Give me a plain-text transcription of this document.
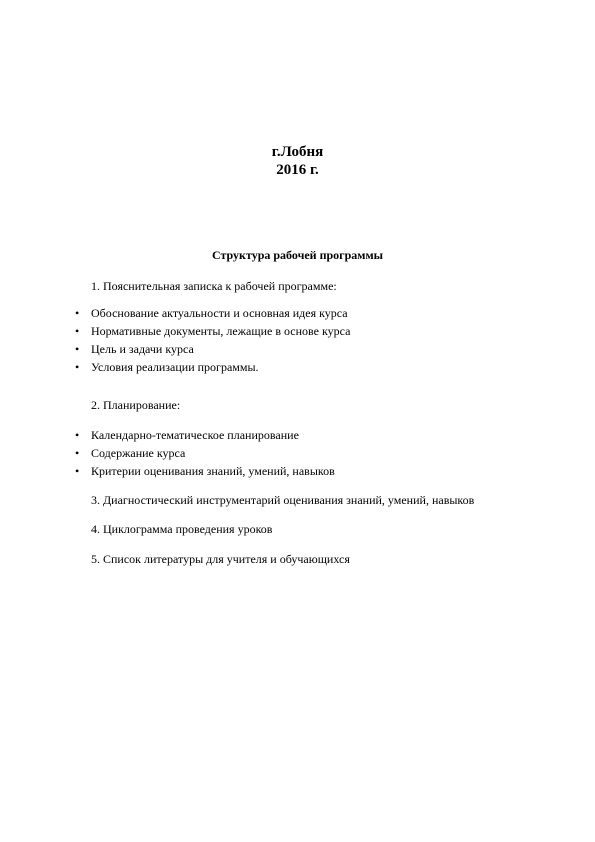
г.Лобня
2016 г.
Структура рабочей программы
1. Пояснительная записка к рабочей программе:
• Обоснование актуальности и основная идея курса
• Нормативные документы, лежащие в основе курса
• Цель и задачи курса
• Условия реализации программы.
2. Планирование:
• Календарно-тематическое планирование
• Содержание курса
• Критерии оценивания знаний, умений, навыков
3. Диагностический инструментарий оценивания знаний, умений, навыков
4. Циклограмма проведения уроков
5. Список литературы для учителя и обучающихся
